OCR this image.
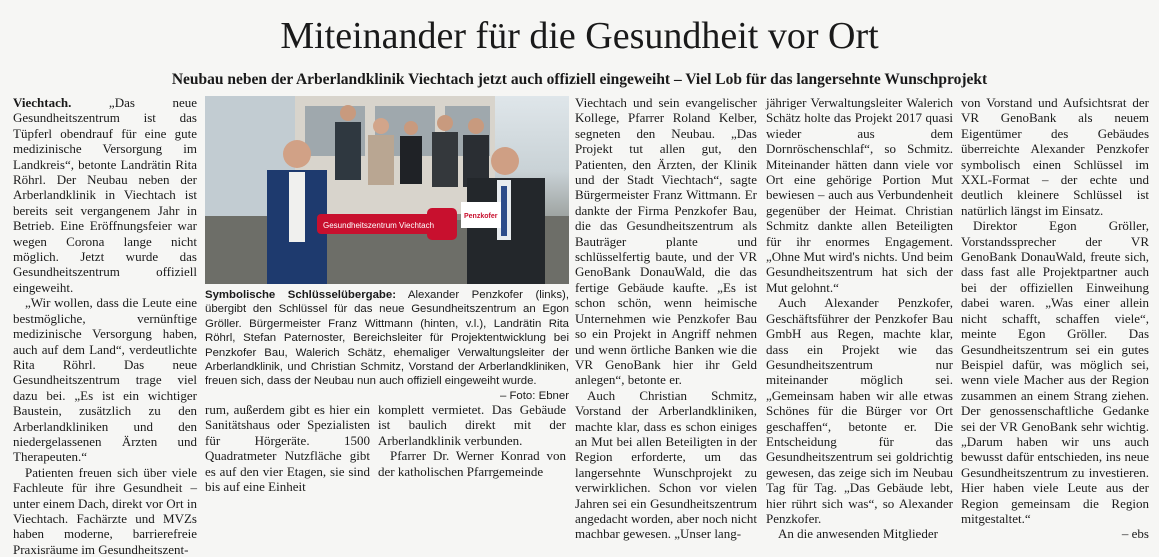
Miteinander für die Gesundheit vor Ort
Neubau neben der Arberlandklinik Viechtach jetzt auch offiziell eingeweiht – Viel Lob für das langersehnte Wunschprojekt

Viechtach. „Das neue Gesundheitszentrum ist das Tüpferl obendrauf für eine gute medizinische Versorgung im Landkreis“, betonte Landrätin Rita Röhrl. Der Neubau neben der Arberlandklinik in Viechtach ist bereits seit vergangenem Jahr in Betrieb. Eine Eröffnungsfeier war wegen Corona lange nicht möglich. Jetzt wurde das Gesundheitszentrum offiziell eingeweiht.

„Wir wollen, dass die Leute eine bestmögliche, vernünftige medizinische Versorgung haben, auch auf dem Land“, verdeutlichte Rita Röhrl. Das neue Gesundheitszentrum trage viel dazu bei. „Es ist ein wichtiger Baustein, zusätzlich zu den Arberlandkliniken und den niedergelassenen Ärzten und Therapeuten.“

Patienten freuen sich über viele Fachleute für ihre Gesundheit – unter einem Dach, direkt vor Ort in Viechtach. Fachärzte und MVZs haben moderne, barrierefreie Praxisräume im Gesundheitszent-

Gesundheitszentrum Viechtach
Penzkofer
Symbolische Schlüsselübergabe: Alexander Penzkofer (links), übergibt den Schlüssel für das neue Gesundheitszentrum an Egon Gröller. Bürgermeister Franz Wittmann (hinten, v.l.), Landrätin Rita Röhrl, Stefan Paternoster, Bereichsleiter für Projektentwicklung bei Penzkofer Bau, Walerich Schätz, ehemaliger Verwaltungsleiter der Arberlandklinik, und Christian Schmitz, Vorstand der Arberlandkliniken, freuen sich, dass der Neubau nun auch offiziell eingeweiht wurde.
– Foto: Ebner

rum, außerdem gibt es hier ein Sanitätshaus oder Spezialisten für Hörgeräte. 1500 Quadratmeter Nutzfläche gibt es auf den vier Etagen, sie sind bis auf eine Einheit

komplett vermietet. Das Gebäude ist baulich direkt mit der Arberlandklinik verbunden.

Pfarrer Dr. Werner Konrad von der katholischen Pfarrgemeinde

Viechtach und sein evangelischer Kollege, Pfarrer Roland Kelber, segneten den Neubau. „Das Projekt tut allen gut, den Patienten, den Ärzten, der Klinik und der Stadt Viechtach“, sagte Bürgermeister Franz Wittmann. Er dankte der Firma Penzkofer Bau, die das Gesundheitszentrum als Bauträger plante und schlüsselfertig baute, und der VR GenoBank DonauWald, die das fertige Gebäude kaufte. „Es ist schon schön, wenn heimische Unternehmen wie Penzkofer Bau so ein Projekt in Angriff nehmen und wenn örtliche Banken wie die VR GenoBank hier ihr Geld anlegen“, betonte er.

Auch Christian Schmitz, Vorstand der Arberlandkliniken, machte klar, dass es schon einiges an Mut bei allen Beteiligten in der Region erforderte, um das langersehnte Wunschprojekt zu verwirklichen. Schon vor vielen Jahren sei ein Gesundheitszentrum angedacht worden, aber noch nicht machbar gewesen. „Unser lang-

jähriger Verwaltungsleiter Walerich Schätz holte das Projekt 2017 quasi wieder aus dem Dornröschenschlaf“, so Schmitz. Miteinander hätten dann viele vor Ort eine gehörige Portion Mut bewiesen – auch aus Verbundenheit gegenüber der Heimat. Christian Schmitz dankte allen Beteiligten für ihr enormes Engagement. „Ohne Mut wird's nichts. Und beim Gesundheitszentrum hat sich der Mut gelohnt.“

Auch Alexander Penzkofer, Geschäftsführer der Penzkofer Bau GmbH aus Regen, machte klar, dass ein Projekt wie das Gesundheitszentrum nur miteinander möglich sei. „Gemeinsam haben wir alle etwas Schönes für die Bürger vor Ort geschaffen“, betonte er. Die Entscheidung für das Gesundheitszentrum sei goldrichtig gewesen, das zeige sich im Neubau Tag für Tag. „Das Gebäude lebt, hier rührt sich was“, so Alexander Penzkofer.

An die anwesenden Mitglieder

von Vorstand und Aufsichtsrat der VR GenoBank als neuem Eigentümer des Gebäudes überreichte Alexander Penzkofer symbolisch einen Schlüssel im XXL-Format – der echte und deutlich kleinere Schlüssel ist natürlich längst im Einsatz.

Direktor Egon Gröller, Vorstandssprecher der VR GenoBank DonauWald, freute sich, dass fast alle Projektpartner auch bei der offiziellen Einweihung dabei waren. „Was einer allein nicht schafft, schaffen viele“, meinte Egon Gröller. Das Gesundheitszentrum sei ein gutes Beispiel dafür, was möglich sei, wenn viele Macher aus der Region zusammen an einem Strang ziehen. Der genossenschaftliche Gedanke sei der VR GenoBank sehr wichtig. „Darum haben wir uns auch bewusst dafür entschieden, ins neue Gesundheitszentrum zu investieren. Hier haben viele Leute aus der Region gemeinsam die Region mitgestaltet.“

– ebs
